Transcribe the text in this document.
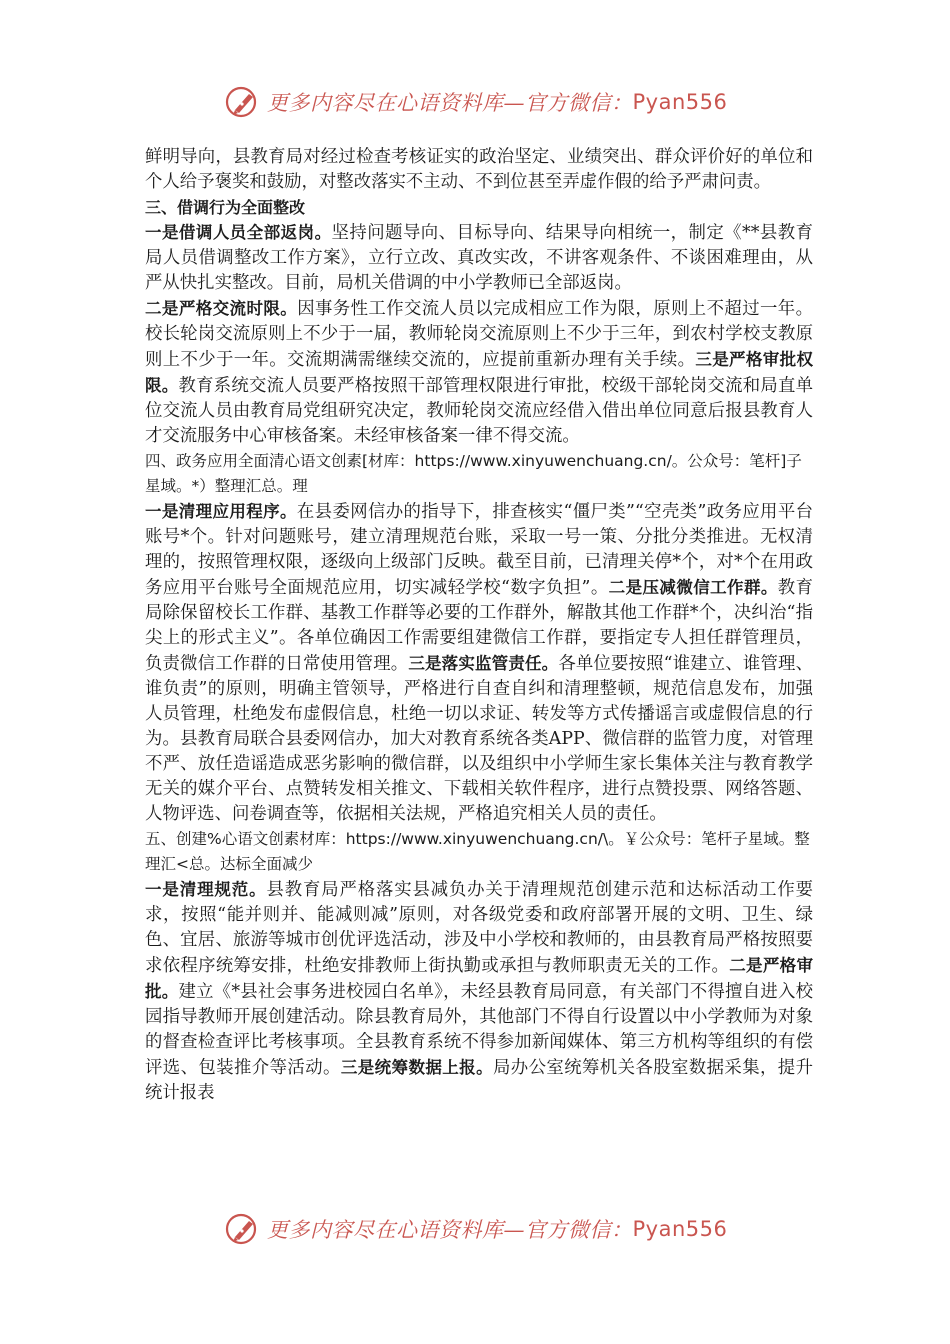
更多内容尽在心语资料库—官方微信： Pyan556

鲜明导向，县教育局对经过检查考核证实的政治坚定、业绩突出、群众评价好的单位和个人给予褒奖和鼓励，对整改落实不主动、不到位甚至弄虚作假的给予严肃问责。

三、借调行为全面整改

一是借调人员全部返岗。坚持问题导向、目标导向、结果导向相统一，制定《**县教育局人员借调整改工作方案》，立行立改、真改实改，不讲客观条件、不谈困难理由，从严从快扎实整改。目前，局机关借调的中小学教师已全部返岗。

二是严格交流时限。因事务性工作交流人员以完成相应工作为限，原则上不超过一年。校长轮岗交流原则上不少于一届，教师轮岗交流原则上不少于三年，到农村学校支教原则上不少于一年。交流期满需继续交流的，应提前重新办理有关手续。三是严格审批权限。教育系统交流人员要严格按照干部管理权限进行审批，校级干部轮岗交流和局直单位交流人员由教育局党组研究决定，教师轮岗交流应经借入借出单位同意后报县教育人才交流服务中心审核备案。未经审核备案一律不得交流。

四、政务应用全面清心语文创素[材库：https://www.xinyuwenchuang.cn/。公众号：笔杆]子星域。*）整理汇总。理

一是清理应用程序。在县委网信办的指导下，排查核实“僵尸类”“空壳类”政务应用平台账号*个。针对问题账号，建立清理规范台账，采取一号一策、分批分类推进。无权清理的，按照管理权限，逐级向上级部门反映。截至目前，已清理关停*个，对*个在用政务应用平台账号全面规范应用，切实减轻学校“数字负担”。二是压减微信工作群。教育局除保留校长工作群、基教工作群等必要的工作群外，解散其他工作群*个，决纠治“指尖上的形式主义”。各单位确因工作需要组建微信工作群，要指定专人担任群管理员，负责微信工作群的日常使用管理。三是落实监管责任。各单位要按照“谁建立、谁管理、谁负责”的原则，明确主管领导，严格进行自查自纠和清理整顿，规范信息发布，加强人员管理，杜绝发布虚假信息，杜绝一切以求证、转发等方式传播谣言或虚假信息的行为。县教育局联合县委网信办，加大对教育系统各类APP、微信群的监管力度，对管理不严、放任造谣造成恶劣影响的微信群，以及组织中小学师生家长集体关注与教育教学无关的媒介平台、点赞转发相关推文、下载相关软件程序，进行点赞投票、网络答题、人物评选、问卷调查等，依据相关法规，严格追究相关人员的责任。

五、创建%心语文创素材库：https://www.xinyuwenchuang.cn/\。￥公众号：笔杆子星域。整理汇<总。达标全面减少

一是清理规范。县教育局严格落实县减负办关于清理规范创建示范和达标活动工作要求，按照“能并则并、能减则减”原则，对各级党委和政府部署开展的文明、卫生、绿色、宜居、旅游等城市创优评选活动，涉及中小学校和教师的，由县教育局严格按照要求依程序统筹安排，杜绝安排教师上街执勤或承担与教师职责无关的工作。二是严格审批。建立《*县社会事务进校园白名单》，未经县教育局同意，有关部门不得擅自进入校园指导教师开展创建活动。除县教育局外，其他部门不得自行设置以中小学教师为对象的督查检查评比考核事项。全县教育系统不得参加新闻媒体、第三方机构等组织的有偿评选、包装推介等活动。三是统筹数据上报。局办公室统筹机关各股室数据采集，提升统计报表

更多内容尽在心语资料库—官方微信： Pyan556
